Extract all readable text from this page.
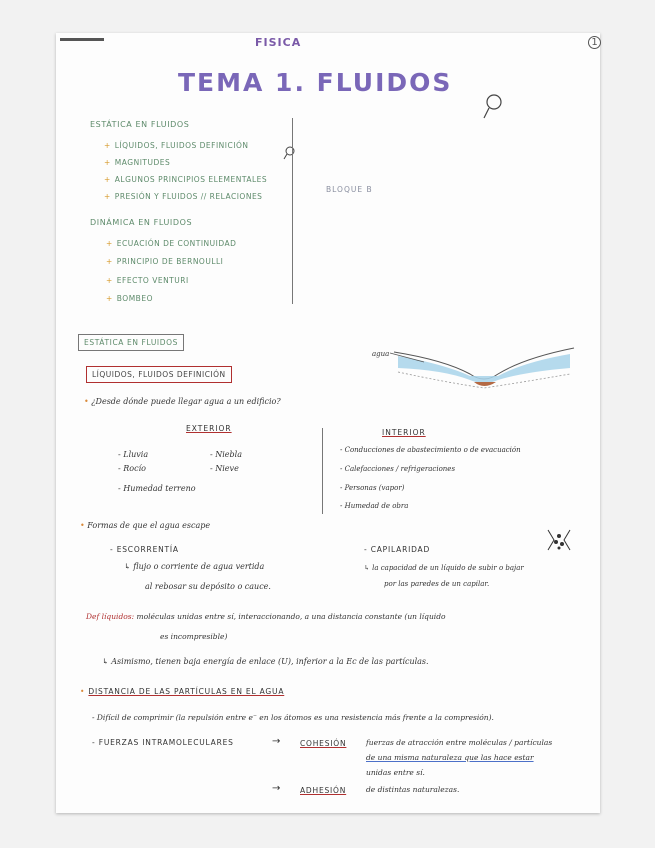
FISICA	1
TEMA 1. FLUIDOS
ESTÁTICA EN FLUIDOS
+ LÍQUIDOS, FLUIDOS DEFINICIÓN
+ MAGNITUDES
+ ALGUNOS PRINCIPIOS ELEMENTALES
+ PRESIÓN Y FLUIDOS // RELACIONES
DINÁMICA EN FLUIDOS
+ ECUACIÓN DE CONTINUIDAD
+ PRINCIPIO DE BERNOULLI
+ EFECTO VENTURI
+ BOMBEO
BLOQUE B
ESTÁTICA EN FLUIDOS
LÍQUIDOS, FLUIDOS DEFINICIÓN
agua
• ¿Desde dónde puede llegar agua a un edificio?
EXTERIOR
- Lluvia	- Niebla
- Rocío	- Nieve
- Humedad terreno
INTERIOR
- Conducciones de abastecimiento o de evacuación
- Calefacciones / refrigeraciones
- Personas (vapor)
- Humedad de obra
• Formas de que el agua escape
- ESCORRENTÍA
↳ flujo o corriente de agua vertida
al rebosar su depósito o cauce.
- CAPILARIDAD
↳ la capacidad de un líquido de subir o bajar
por las paredes de un capilar.
Def líquidos: moléculas unidas entre sí, interaccionando, a una distancia constante (un líquido
es incompresible)
↳ Asimismo, tienen baja energía de enlace (U), inferior a la Ec de las partículas.
• DISTANCIA DE LAS PARTÍCULAS EN EL AGUA
- Difícil de comprimir (la repulsión entre e⁻ en los átomos es una resistencia más frente a la compresión).
- FUERZAS INTRAMOLECULARES	→	COHESIÓN	fuerzas de atracción entre moléculas / partículas
de una misma naturaleza que las hace estar
unidas entre sí.
→	ADHESIÓN	de distintas naturalezas.
